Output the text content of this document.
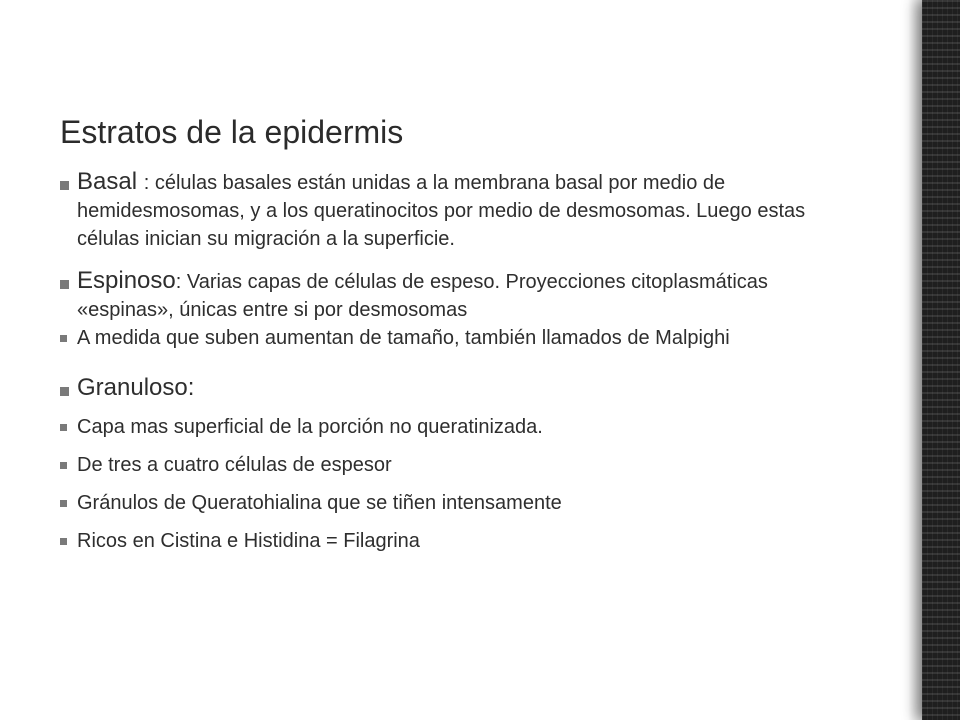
Estratos de la epidermis
Basal : células basales están unidas a la membrana basal por medio de hemidesmosomas, y a los queratinocitos por medio de desmosomas. Luego estas células inician su migración a la superficie.
Espinoso: Varias capas de células de espeso. Proyecciones citoplasmáticas «espinas», únicas entre si por desmosomas
A medida que suben aumentan de tamaño, también llamados de Malpighi
Granuloso:
Capa mas superficial de la porción no queratinizada.
De tres a cuatro células de espesor
Gránulos de Queratohialina que se tiñen intensamente
Ricos en Cistina e Histidina = Filagrina
